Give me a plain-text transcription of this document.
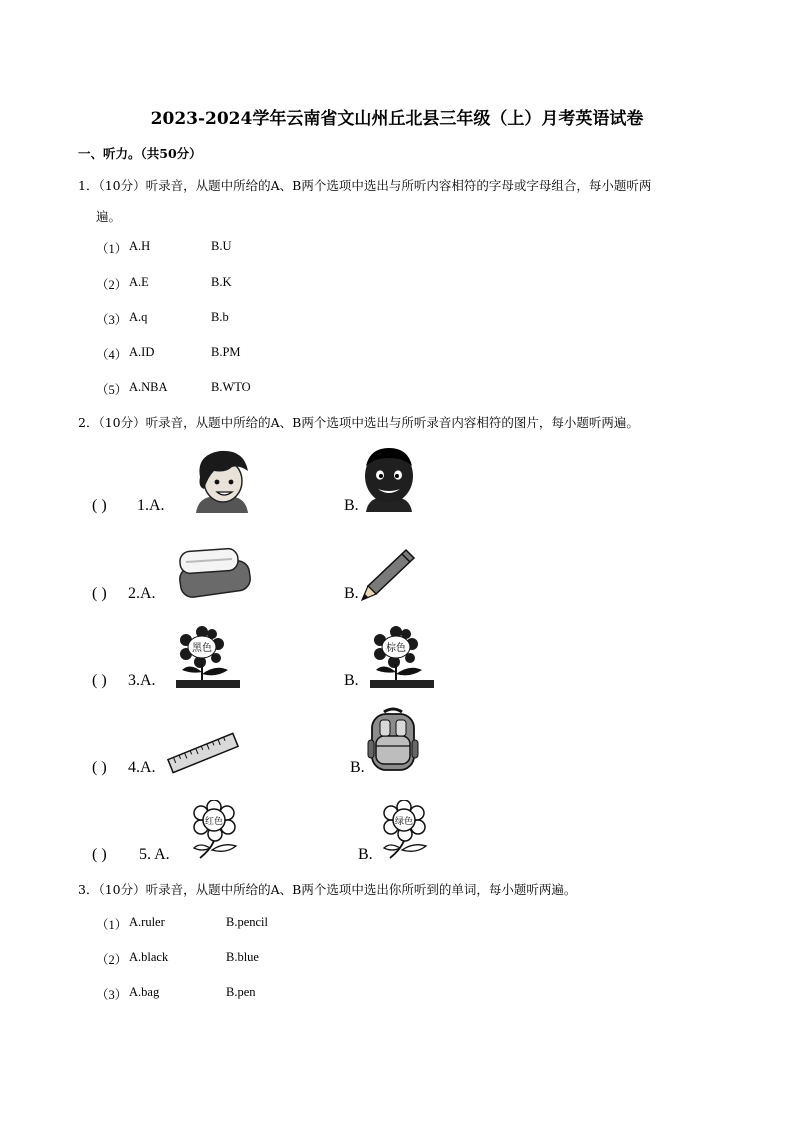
2023-2024学年云南省文山州丘北县三年级（上）月考英语试卷
一、听力。（共50分）
1．（10分）听录音，从题中所给的A、B两个选项中选出与所听内容相符的字母或字母组合，每小题听两
遍。
（1） A.H	B.U
（2） A.E	B.K
（3） A.q	B.b
（4） A.ID	B.PM
（5） A.NBA	B.WTO
2．（10分）听录音，从题中所给的A、B两个选项中选出与所听录音内容相符的图片，每小题听两遍。
( ) 1.A.	B.
( ) 2.A.	B.
( ) 3.A.
黑色
B.
棕色
( ) 4.A.	B.
( ) 5. A.
红色
B.
绿色
3．（10分）听录音，从题中所给的A、B两个选项中选出你所听到的单词，每小题听两遍。
（1） A.ruler	B.pencil
（2） A.black	B.blue
（3） A.bag	B.pen
